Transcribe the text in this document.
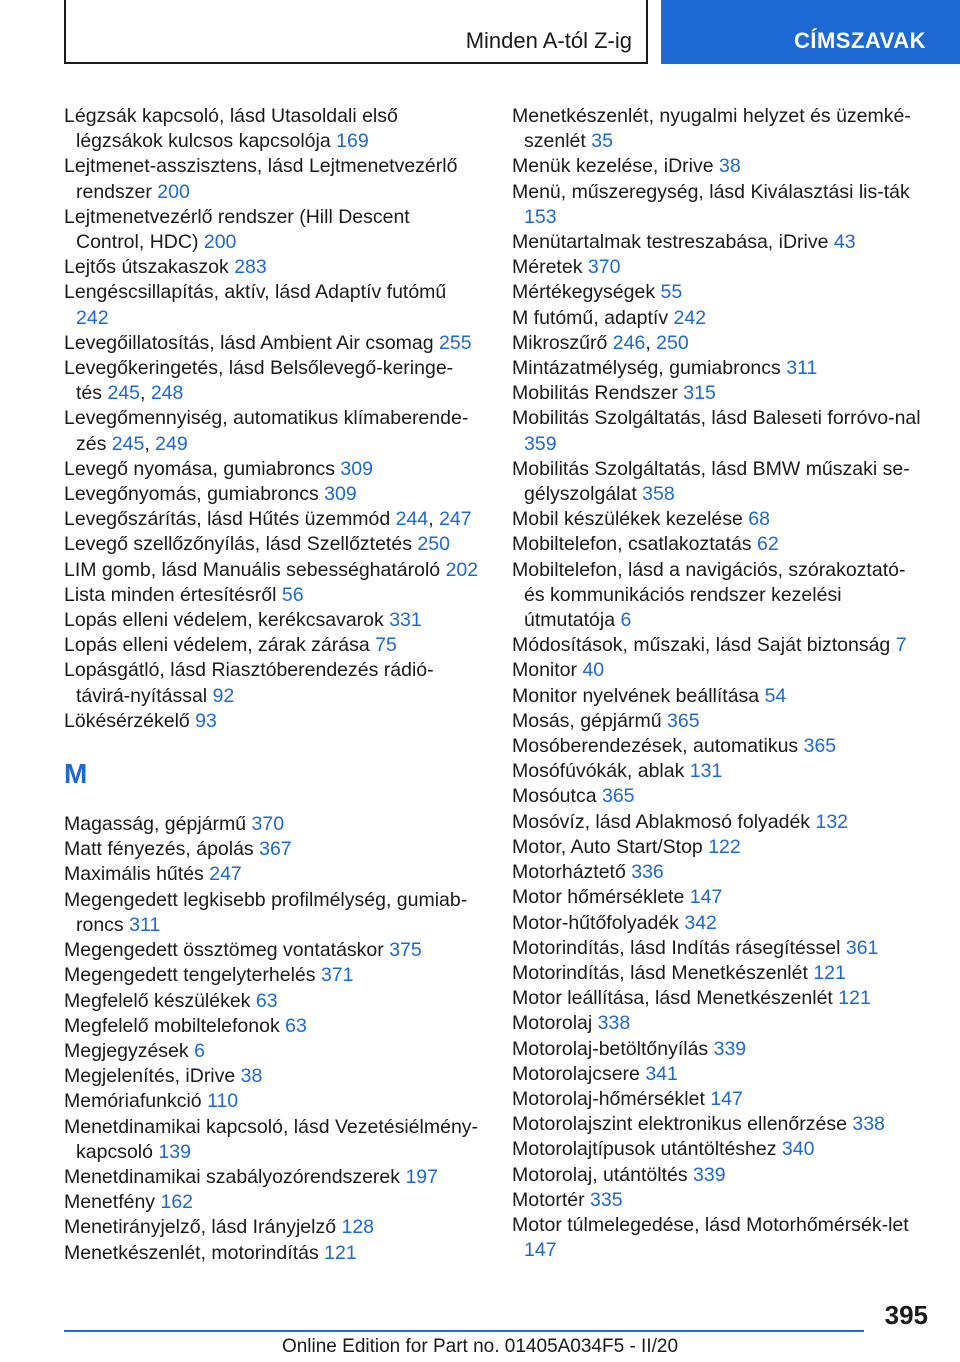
Minden A-tól Z-ig	CÍMSZAVAK

Légzsák kapcsoló, lásd Utasoldali első légzsákok kulcsos kapcsolója 169

Lejtmenet-asszisztens, lásd Lejtmenetvezérlő rendszer 200

Lejtmenetvezérlő rendszer (Hill Descent Control, HDC) 200

Lejtős útszakaszok 283

Lengéscsillapítás, aktív, lásd Adaptív futómű 242

Levegőillatosítás, lásd Ambient Air csomag 255

Levegőkeringetés, lásd Belsőlevegő-keringe-tés 245, 248

Levegőmennyiség, automatikus klímaberende-zés 245, 249

Levegő nyomása, gumiabroncs 309

Levegőnyomás, gumiabroncs 309

Levegőszárítás, lásd Hűtés üzemmód 244, 247

Levegő szellőzőnyílás, lásd Szellőztetés 250

LIM gomb, lásd Manuális sebességhatároló 202

Lista minden értesítésről 56

Lopás elleni védelem, kerékcsavarok 331

Lopás elleni védelem, zárak zárása 75

Lopásgátló, lásd Riasztóberendezés rádió-távirá-nyítással 92

Lökésérzékelő 93

M

Magasság, gépjármű 370

Matt fényezés, ápolás 367

Maximális hűtés 247

Megengedett legkisebb profilmélység, gumiab-roncs 311

Megengedett össztömeg vontatáskor 375

Megengedett tengelyterhelés 371

Megfelelő készülékek 63

Megfelelő mobiltelefonok 63

Megjegyzések 6

Megjelenítés, iDrive 38

Memóriafunkció 110

Menetdinamikai kapcsoló, lásd Vezetésiélmény-kapcsoló 139

Menetdinamikai szabályozórendszerek 197

Menetfény 162

Menetirányjelző, lásd Irányjelző 128

Menetkészenlét, motorindítás 121

Menetkészenlét, nyugalmi helyzet és üzemké-szenlét 35

Menük kezelése, iDrive 38

Menü, műszeregység, lásd Kiválasztási lis-ták 153

Menütartalmak testreszabása, iDrive 43

Méretek 370

Mértékegységek 55

M futómű, adaptív 242

Mikroszűrő 246, 250

Mintázatmélység, gumiabroncs 311

Mobilitás Rendszer 315

Mobilitás Szolgáltatás, lásd Baleseti forróvo-nal 359

Mobilitás Szolgáltatás, lásd BMW műszaki se-gélyszolgálat 358

Mobil készülékek kezelése 68

Mobiltelefon, csatlakoztatás 62

Mobiltelefon, lásd a navigációs, szórakoztató- és kommunikációs rendszer kezelési útmutatója 6

Módosítások, műszaki, lásd Saját biztonság 7

Monitor 40

Monitor nyelvének beállítása 54

Mosás, gépjármű 365

Mosóberendezések, automatikus 365

Mosófúvókák, ablak 131

Mosóutca 365

Mosóvíz, lásd Ablakmosó folyadék 132

Motor, Auto Start/Stop 122

Motorháztető 336

Motor hőmérséklete 147

Motor-hűtőfolyadék 342

Motorindítás, lásd Indítás rásegítéssel 361

Motorindítás, lásd Menetkészenlét 121

Motor leállítása, lásd Menetkészenlét 121

Motorolaj 338

Motorolaj-betöltőnyílás 339

Motorolajcsere 341

Motorolaj-hőmérséklet 147

Motorolajszint elektronikus ellenőrzése 338

Motorolajtípusok utántöltéshez 340

Motorolaj, utántöltés 339

Motortér 335

Motor túlmelegedése, lásd Motorhőmérsék-let 147

395
Online Edition for Part no. 01405A034F5 - II/20
